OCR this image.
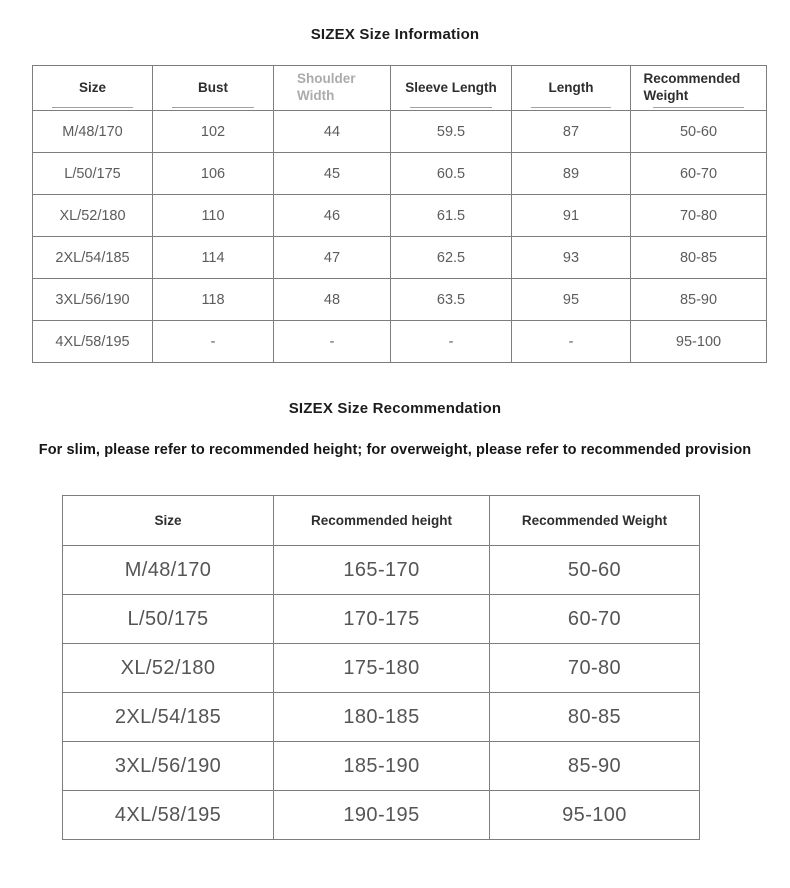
SIZEX Size Information
Size	Bust	Shoulder Width	Sleeve Length	Length	Recommended Weight
M/48/170	102	44	59.5	87	50-60
L/50/175	106	45	60.5	89	60-70
XL/52/180	110	46	61.5	91	70-80
2XL/54/185	114	47	62.5	93	80-85
3XL/56/190	118	48	63.5	95	85-90
4XL/58/195	-	-	-	-	95-100
SIZEX Size Recommendation
For slim, please refer to recommended height; for overweight, please refer to recommended provision
Size	Recommended height	Recommended Weight
M/48/170	165-170	50-60
L/50/175	170-175	60-70
XL/52/180	175-180	70-80
2XL/54/185	180-185	80-85
3XL/56/190	185-190	85-90
4XL/58/195	190-195	95-100
